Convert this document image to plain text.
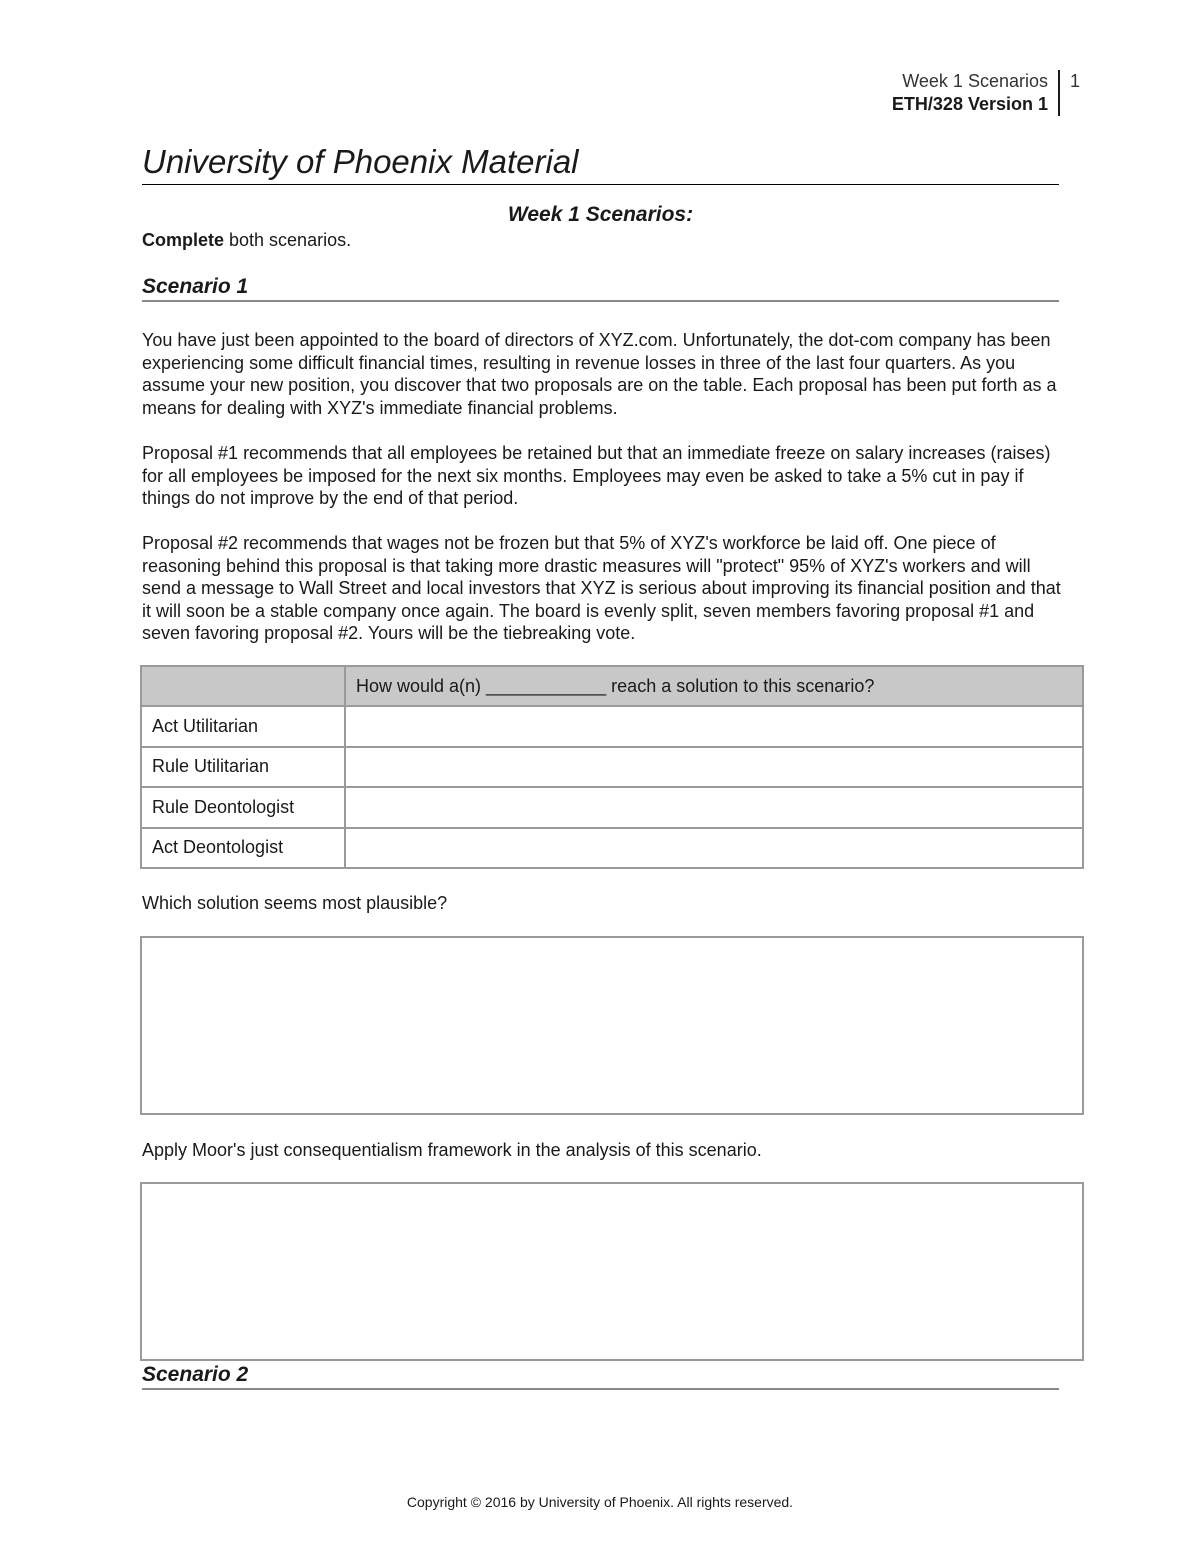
Week 1 Scenarios
ETH/328 Version 1
1
University of Phoenix Material
Week 1 Scenarios:
Complete both scenarios.
Scenario 1

You have just been appointed to the board of directors of XYZ.com. Unfortunately, the dot-com company has been experiencing some difficult financial times, resulting in revenue losses in three of the last four quarters. As you assume your new position, you discover that two proposals are on the table. Each proposal has been put forth as a means for dealing with XYZ's immediate financial problems.

Proposal #1 recommends that all employees be retained but that an immediate freeze on salary increases (raises) for all employees be imposed for the next six months. Employees may even be asked to take a 5% cut in pay if things do not improve by the end of that period.

Proposal #2 recommends that wages not be frozen but that 5% of XYZ's workforce be laid off. One piece of reasoning behind this proposal is that taking more drastic measures will "protect" 95% of XYZ's workers and will send a message to Wall Street and local investors that XYZ is serious about improving its financial position and that it will soon be a stable company once again. The board is evenly split, seven members favoring proposal #1 and seven favoring proposal #2. Yours will be the tiebreaking vote.

	How would a(n) ____________ reach a solution to this scenario?
Act Utilitarian	
Rule Utilitarian	
Rule Deontologist	
Act Deontologist	
Which solution seems most plausible?
Apply Moor's just consequentialism framework in the analysis of this scenario.
Scenario 2
Copyright © 2016 by University of Phoenix. All rights reserved.
